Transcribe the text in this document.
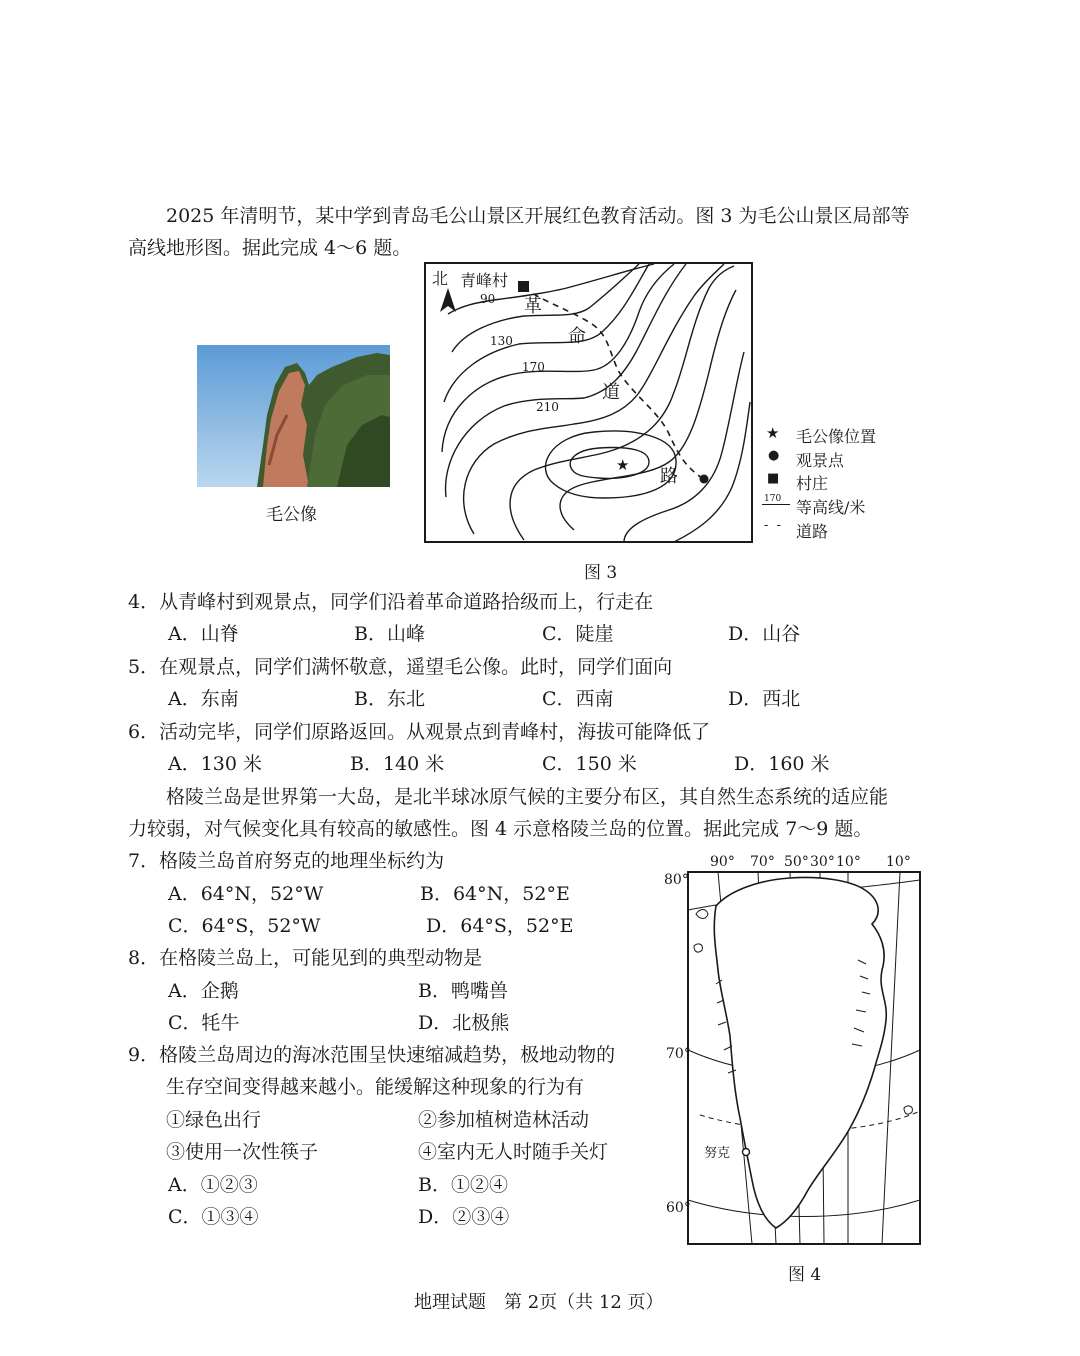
2025 年清明节，某中学到青岛毛公山景区开展红色教育活动。图 3 为毛公山景区局部等
高线地形图。据此完成 4～6 题。
毛公像
★
北 青峰村
革
命
道
路
90
130
170
210
★ 毛公像位置
● 观景点
■ 村庄
170 等高线/米
- - 道路
图 3
4．从青峰村到观景点，同学们沿着革命道路拾级而上，行走在
A．山脊	B．山峰	C．陡崖	D．山谷
5．在观景点，同学们满怀敬意，遥望毛公像。此时，同学们面向
A．东南	B．东北	C．西南	D．西北
6．活动完毕，同学们原路返回。从观景点到青峰村，海拔可能降低了
A．130 米	B．140 米	C．150 米	D．160 米
格陵兰岛是世界第一大岛，是北半球冰原气候的主要分布区，其自然生态系统的适应能
力较弱，对气候变化具有较高的敏感性。图 4 示意格陵兰岛的位置。据此完成 7～9 题。
7．格陵兰岛首府努克的地理坐标约为
A．64°N，52°W	B．64°N，52°E
C．64°S，52°W	D．64°S，52°E
8．在格陵兰岛上，可能见到的典型动物是
A．企鹅	B．鸭嘴兽
C．牦牛	D．北极熊
9．格陵兰岛周边的海冰范围呈快速缩减趋势，极地动物的
生存空间变得越来越小。能缓解这种现象的行为有
①绿色出行	②参加植树造林活动
③使用一次性筷子	④室内无人时随手关灯
A．①②③	B．①②④
C．①③④	D．②③④
90° 70° 50° 30° 10° 10°
80°
70°
60°
努克
图 4
地理试题　第 2页（共 12 页）
